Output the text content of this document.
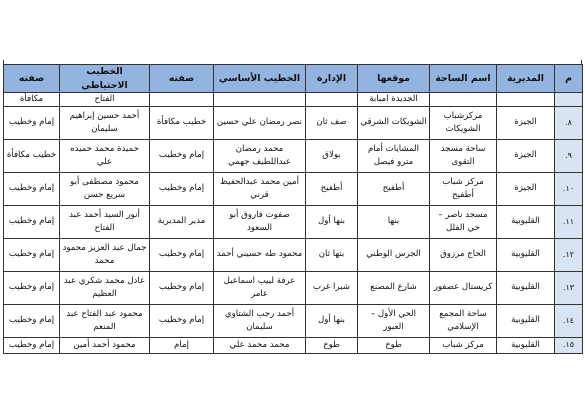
م	المديرية	اسم الساحة	موقعها	الإدارة	الخطيب الأساسي	صفته	الخطيب الاحتياطي	صفته
			الجديدة امبابة				الفتاح	مكافأة
٨.	الجيزة	مركزشباب الشويكات	الشويكات الشرقي	صف ثان	نصر رمضان علي حسين	خطيب مكافأة	أحمد حسين إبراهيم سليمان	إمام وخطيب
٩.	الجيزة	ساحة مسجد التقوى	المشايات أمام مترو فيصل	بولاق	محمد رمضان عبداللطيف جهمي	إمام وخطيب	حميدة محمد حميده علي	خطيب مكافأة
١٠.	الجيزة	مركز شباب أطفيح	أطفيح	أطفيح	أمين محمد عبدالحفيظ قرني	إمام وخطيب	محمود مصطفى أبو سريع حسن	إمام وخطيب
١١.	القليوبية	مسجد ناصر – حي الفلل	بنها	بنها أول	صفوت فاروق أبو السعود	مدير المديرية	أنور السيد أحمد عبد الفتاح	إمام وخطيب
١٢.	القليوبية	الحاج مرزوق	الجرس الوطني	بنها ثان	محمود طه حسيني أحمد	إمام وخطيب	جمال عبد العزيز محمود محمد	إمام وخطيب
١٣.	القليوبية	كريستال عصفور	شارع المصنع	شبرا غرب	عرفة لبيب اسماعيل عامر	إمام وخطيب	عادل محمد شكري عبد العظيم	إمام وخطيب
١٤.	القليوبية	ساحة المجمع الإسلامي	الحي الأول – العبور	بنها أول	أحمد رجب الشتاوي سليمان	إمام وخطيب	محمود عبد الفتاح عبد المنعم	إمام وخطيب
١٥.	القليوبية	مركز شباب	طوخ	طوخ	محمد محمد علي	إمام	محمود أحمد أمين	إمام وخطيب
